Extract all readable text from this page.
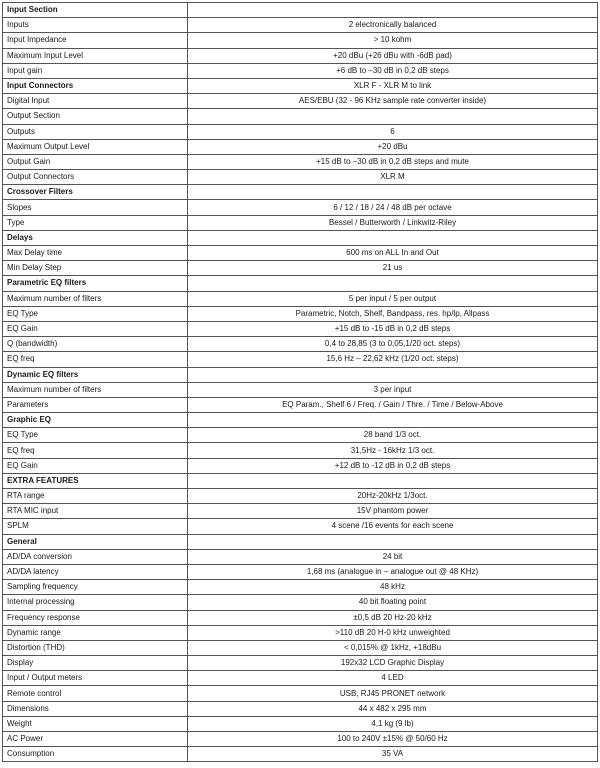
Input Section	
Inputs	2 electronically balanced
Input Impedance	> 10 kohm
Maximum Input Level	+20 dBu (+26 dBu with -6dB pad)
Input gain	+6 dB to –30 dB in 0,2 dB steps
Input Connectors	XLR F - XLR M to link
Digital Input	AES/EBU (32 - 96 KHz sample rate converter inside)
Output Section	
Outputs	6
Maximum Output Level	+20 dBu
Output Gain	+15 dB to –30 dB in 0,2 dB steps and mute
Output Connectors	XLR M
Crossover Filters	
Slopes	6 / 12 / 18 / 24 / 48 dB per octave
Type	Bessel / Butterworth / Linkwitz-Riley
Delays	
Max Delay time	600 ms on ALL In and Out
Min Delay Step	21 us
Parametric EQ filters	
Maximum number of filters	5 per input / 5 per output
EQ Type	Parametric, Notch, Shelf, Bandpass, res. hp/lp, Allpass
EQ Gain	+15 dB to -15 dB in 0,2 dB steps
Q (bandwidth)	0,4 to 28,85 (3 to 0,05,1/20 oct. steps)
EQ freq	15,6 Hz – 22,62 kHz (1/20 oct. steps)
Dynamic EQ filters	
Maximum number of filters	3 per input
Parameters	EQ Param., Shelf 6 / Freq. / Gain / Thre. / Time / Below-Above
Graphic EQ	
EQ Type	28 band 1/3 oct.
EQ freq	31,5Hz - 16kHz 1/3 oct.
EQ Gain	+12 dB to -12 dB in 0,2 dB steps
EXTRA FEATURES	
RTA range	20Hz-20kHz 1/3oct.
RTA MIC input	15V phantom power
SPLM	4 scene /16 events for each scene
General	
AD/DA conversion	24 bit
AD/DA latency	1,68 ms (analogue in – analogue out @ 48 KHz)
Sampling frequency	48 kHz
Internal processing	40 bit floating point
Frequency response	±0,5 dB 20 Hz-20 kHz
Dynamic range	>110 dB 20 H-0 kHz unweighted
Distortion (THD)	< 0,015% @ 1kHz, +18dBu
Display	192x32 LCD Graphic Display
Input / Output meters	4 LED
Remote control	USB, RJ45 PRONET network
Dimensions	44 x 482 x 295 mm
Weight	4,1 kg (9 lb)
AC Power	100 to 240V ±15% @ 50/60 Hz
Consumption	35 VA
